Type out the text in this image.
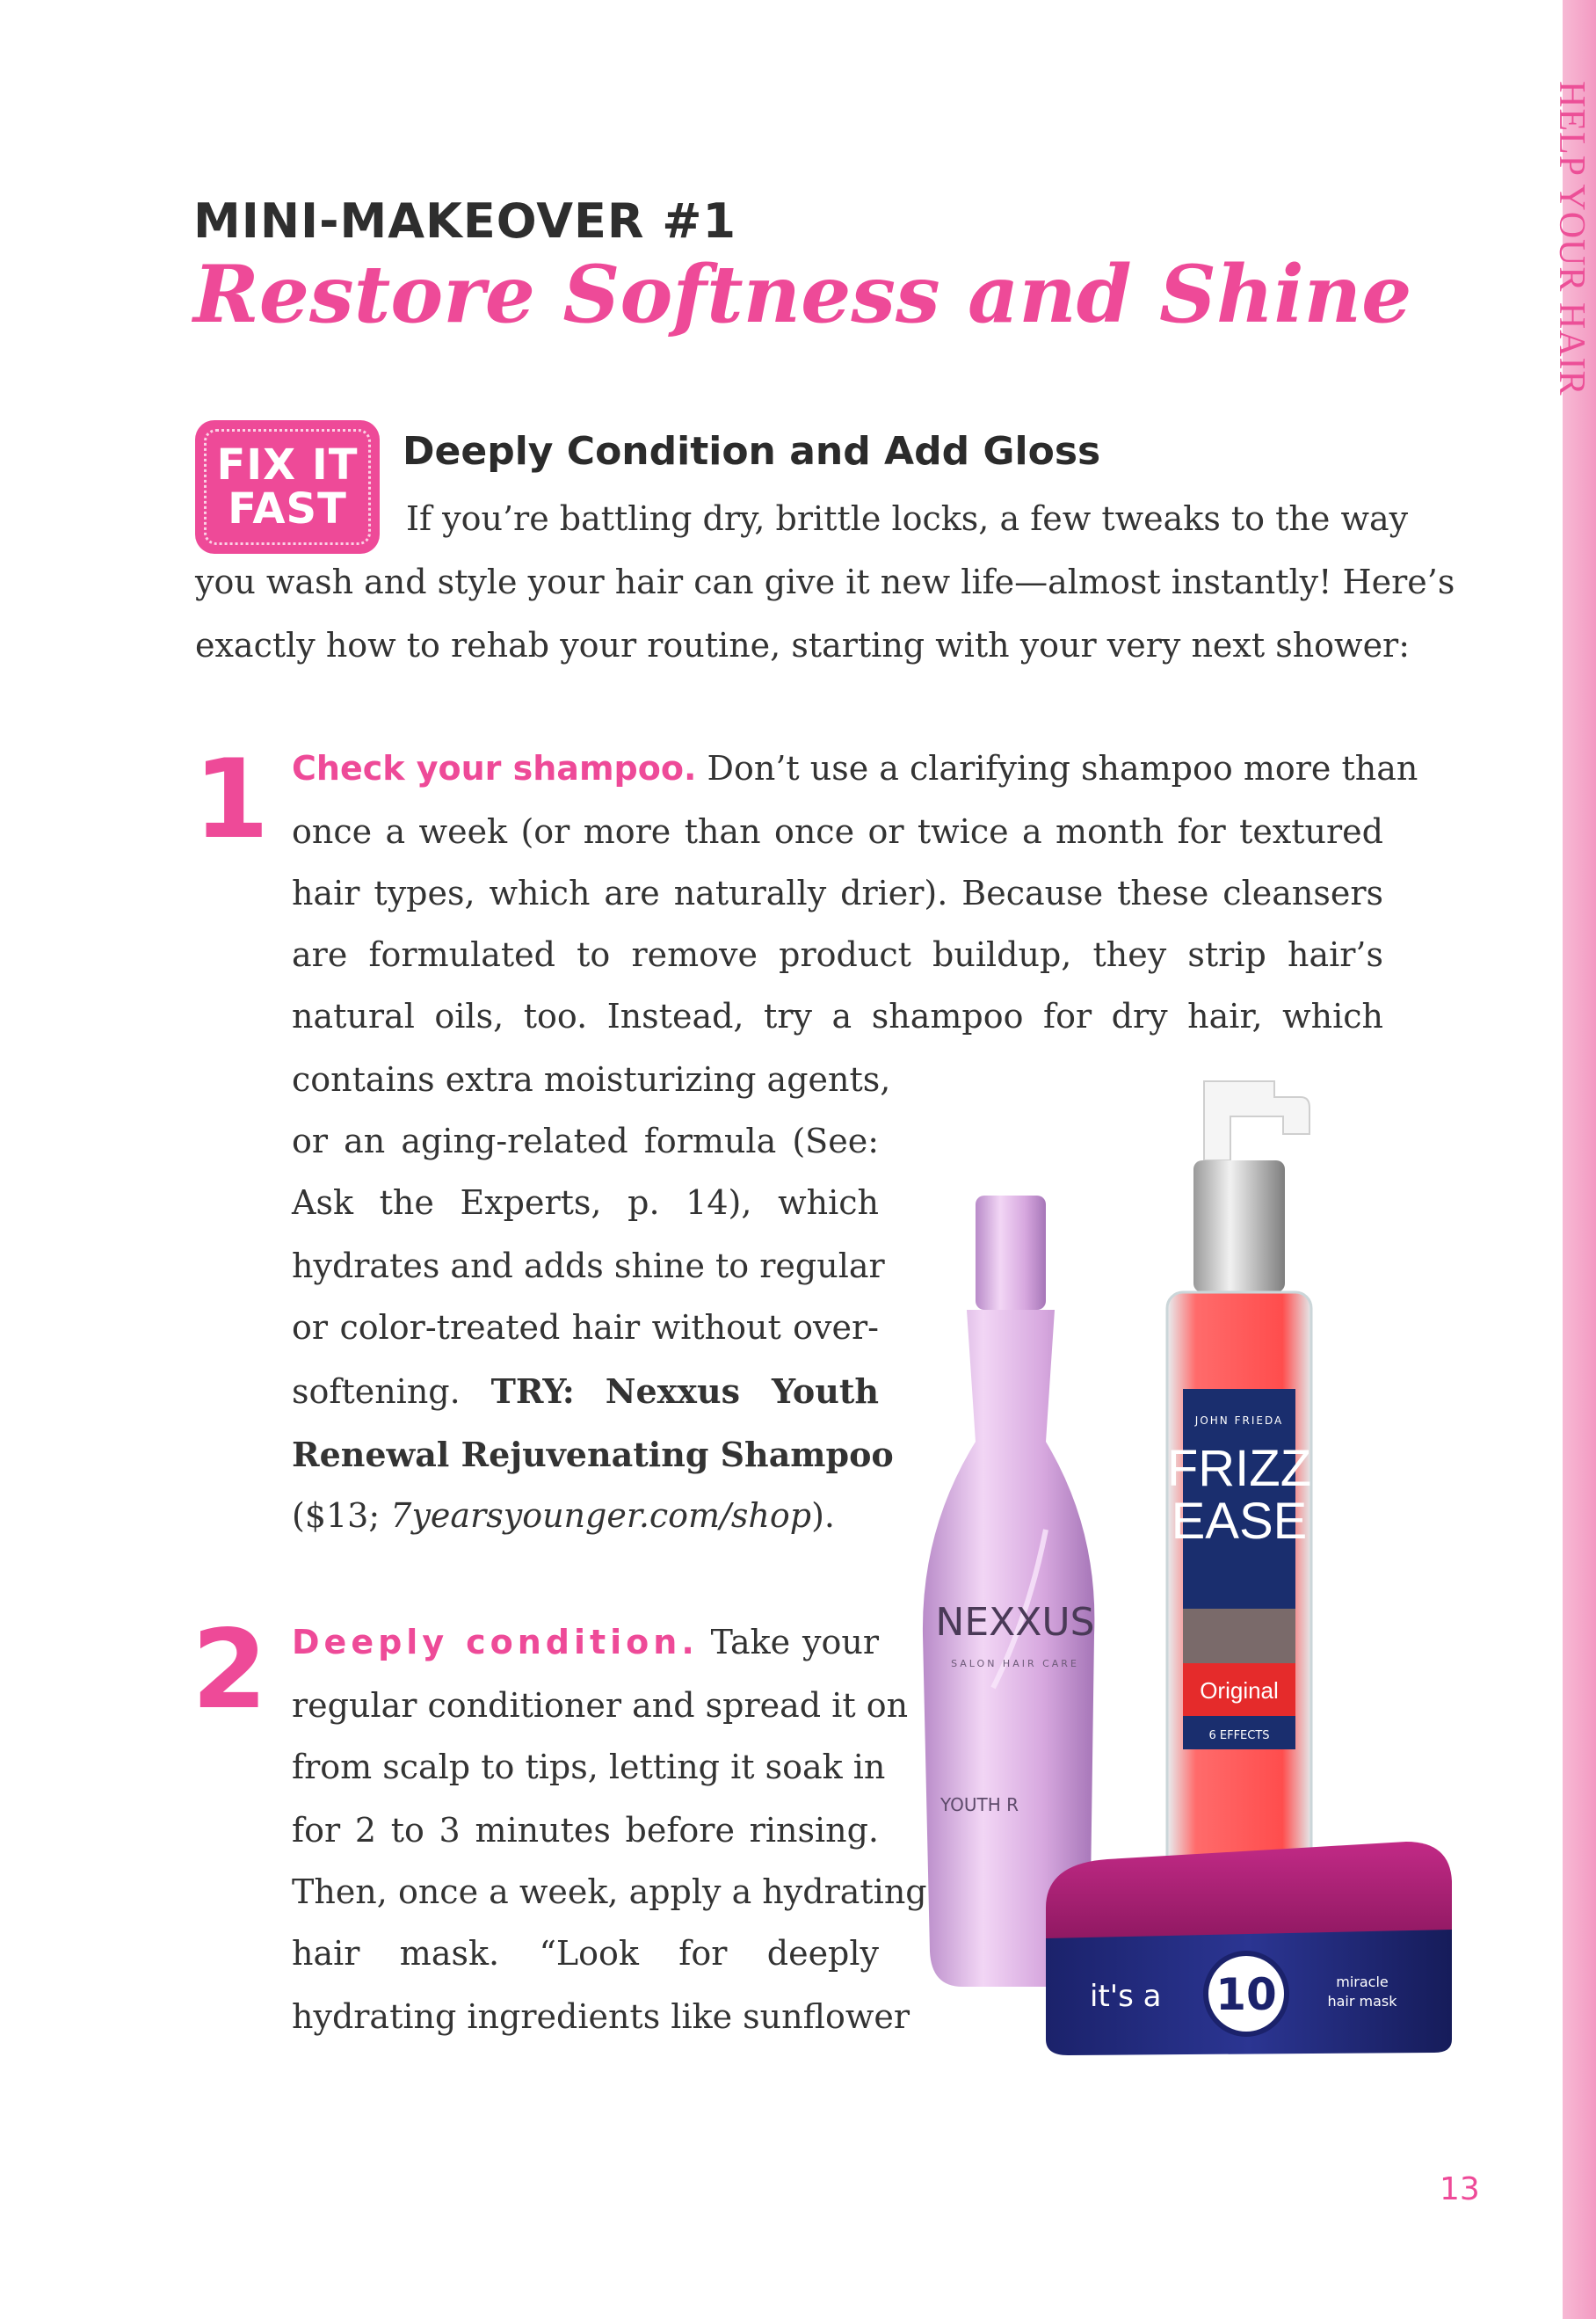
HELP YOUR HAIR
MINI-MAKEOVER #1
Restore Softness and Shine
FIX IT
FAST
Deeply Condition and Add Gloss
If you’re battling dry, brittle locks, a few tweaks to the way
you wash and style your hair can give it new life—almost instantly! Here’s
exactly how to rehab your routine, starting with your very next shower:
1 Check your shampoo. Don’t use a clarifying shampoo more than
once a week (or more than once or twice a month for textured
hair types, which are naturally drier). Because these cleansers
are formulated to remove product buildup, they strip hair’s
natural oils, too. Instead, try a shampoo for dry hair, which
contains extra moisturizing agents,
or an aging-related formula (See:
Ask the Experts, p. 14), which
hydrates and adds shine to regular
or color-treated hair without over-
softening. TRY: Nexxus Youth
Renewal Rejuvenating Shampoo
($13; 7yearsyounger.com/shop).
2 Deeply condition. Take your
regular conditioner and spread it on
from scalp to tips, letting it soak in
for 2 to 3 minutes before rinsing.
Then, once a week, apply a hydrating
hair mask. “Look for deeply
hydrating ingredients like sunflower
NEXXUS
SALON HAIR CARE
YOUTH R
JOHN FRIEDA
FRIZZ
EASE
Original
6 EFFECTS
it's a 10	miracle
hair mask
13
